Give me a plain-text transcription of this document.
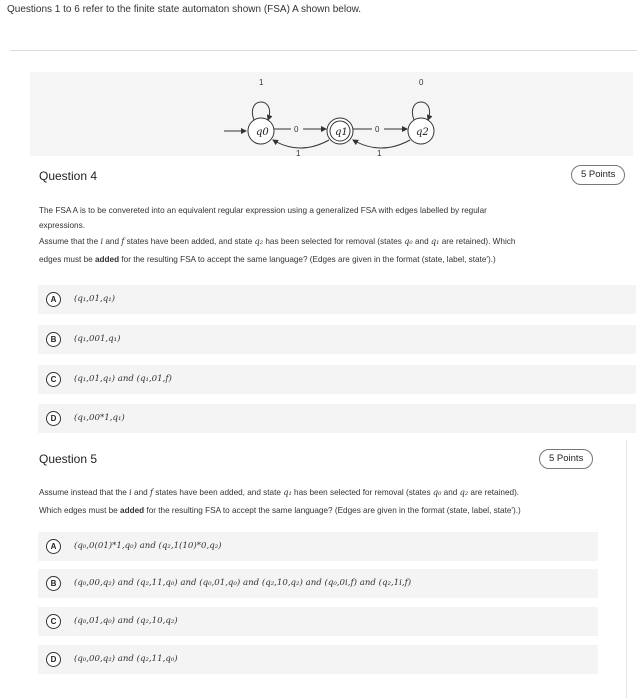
Questions 1 to 6 refer to the finite state automaton shown (FSA) A shown below.
q0
1
q1	q2
0
0
1
0
1
Question 4	5 Points
The FSA A is to be convereted into an equivalent regular expression using a generalized FSA with edges labelled by regular
expressions.
Assume that the i and f states have been added, and state q₂ has been selected for removal (states q₀ and q₁ are retained). Which
edges must be added for the resulting FSA to accept the same language? (Edges are given in the format (state, label, state').)
A	(q₁,01,q₁)
B	(q₁,001,q₁)
C	(q₁,01,q₁) and (q₁,01,f)
D	(q₁,00*1,q₁)
Question 5	5 Points
Assume instead that the i and f states have been added, and state q₁ has been selected for removal (states q₀ and q₂ are retained).
Which edges must be added for the resulting FSA to accept the same language? (Edges are given in the format (state, label, state').)
A	(q₀,0(01)*1,q₀) and (q₂,1(10)*0,q₂)
B	(q₀,00,q₂) and (q₂,11,q₀) and (q₀,01,q₀) and (q₂,10,q₂) and (q₀,0i,f) and (q₂,1i,f)
C	(q₀,01,q₀) and (q₂,10,q₂)
D	(q₀,00,q₂) and (q₂,11,q₀)
